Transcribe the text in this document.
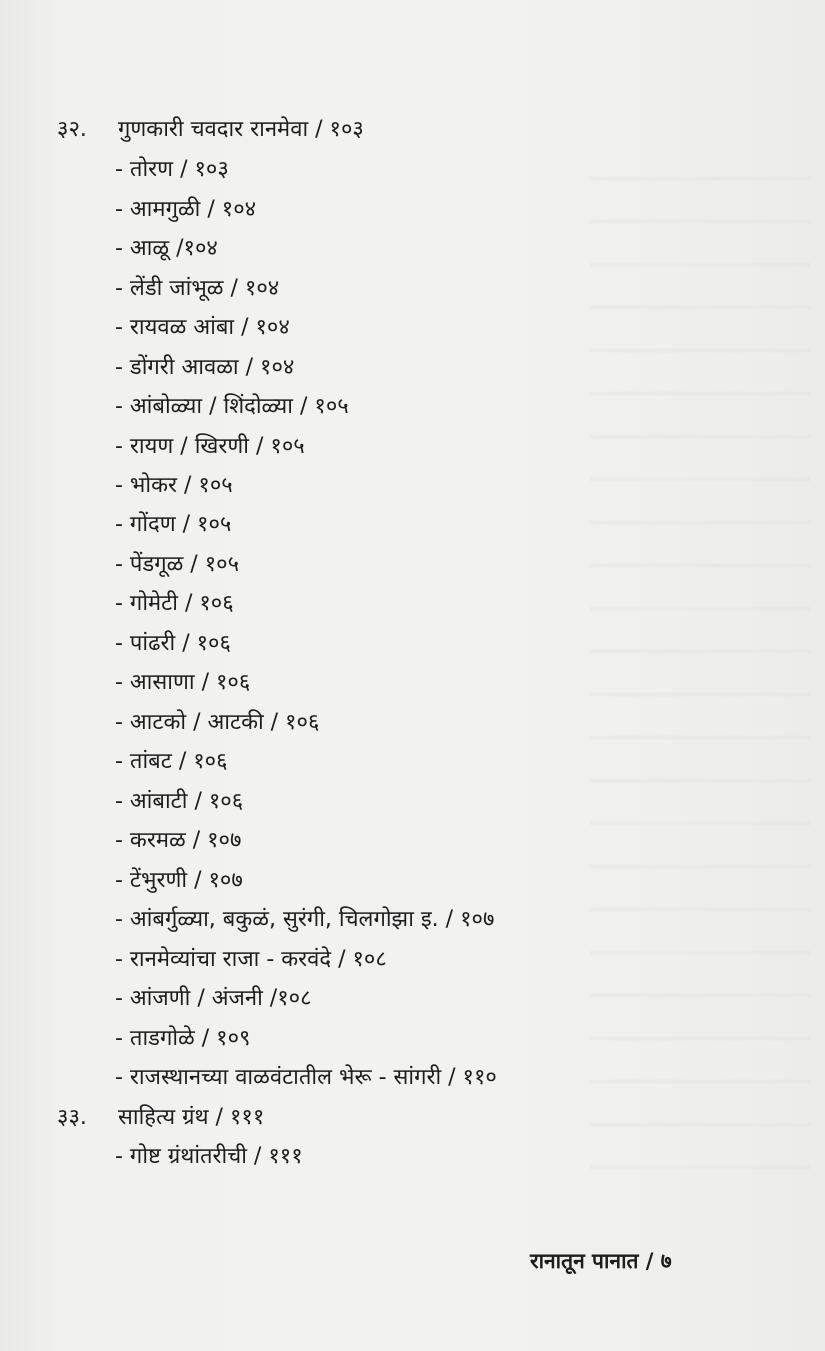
३२. गुणकारी चवदार रानमेवा / १०३
- तोरण / १०३
- आमगुळी / १०४
- आळू /१०४
- लेंडी जांभूळ / १०४
- रायवळ आंबा / १०४
- डोंगरी आवळा / १०४
- आंबोळ्या / शिंदोळ्या / १०५
- रायण / खिरणी / १०५
- भोकर / १०५
- गोंदण / १०५
- पेंडगूळ / १०५
- गोमेटी / १०६
- पांढरी / १०६
- आसाणा / १०६
- आटको / आटकी / १०६
- तांबट / १०६
- आंबाटी / १०६
- करमळ / १०७
- टेंभुरणी / १०७
- आंबर्गुळ्या, बकुळं, सुरंगी, चिलगोझा इ. / १०७
- रानमेव्यांचा राजा - करवंदे / १०८
- आंजणी / अंजनी /१०८
- ताडगोळे / १०९
- राजस्थानच्या वाळवंटातील भेरू - सांगरी / ११०
३३. साहित्य ग्रंथ / १११
- गोष्ट ग्रंथांतरीची / १११
रानातून पानात / ७
